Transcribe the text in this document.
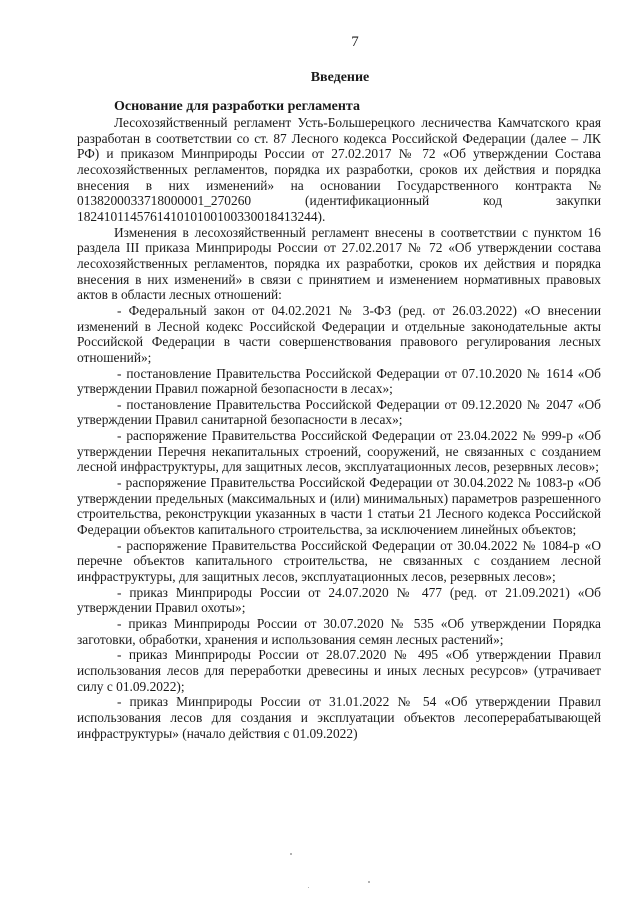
7
Введение
Основание для разработки регламента

Лесохозяйственный регламент Усть-Большерецкого лесничества Камчатского края разработан в соответствии со ст. 87 Лесного кодекса Российской Федерации (далее – ЛК РФ) и приказом Минприроды России от 27.02.2017 № 72 «Об утверждении Состава лесохозяйственных регламентов, порядка их разработки, сроков их действия и порядка внесения в них изменений» на основании Государственного контракта № 0138200033718000001_270260 (идентификационный код закупки 182410114576141010100100330018413244).

Изменения в лесохозяйственный регламент внесены в соответствии с пунктом 16 раздела III приказа Минприроды России от 27.02.2017 № 72 «Об утверждении состава лесохозяйственных регламентов, порядка их разработки, сроков их действия и порядка внесения в них изменений» в связи с принятием и изменением нормативных правовых актов в области лесных отношений:

- Федеральный закон от 04.02.2021 № 3-ФЗ (ред. от 26.03.2022) «О внесении изменений в Лесной кодекс Российской Федерации и отдельные законодательные акты Российской Федерации в части совершенствования правового регулирования лесных отношений»;

- постановление Правительства Российской Федерации от 07.10.2020 № 1614 «Об утверждении Правил пожарной безопасности в лесах»;

- постановление Правительства Российской Федерации от 09.12.2020 № 2047 «Об утверждении Правил санитарной безопасности в лесах»;

- распоряжение Правительства Российской Федерации от 23.04.2022 № 999-р «Об утверждении Перечня некапитальных строений, сооружений, не связанных с созданием лесной инфраструктуры, для защитных лесов, эксплуатационных лесов, резервных лесов»;

- распоряжение Правительства Российской Федерации от 30.04.2022 № 1083-р «Об утверждении предельных (максимальных и (или) минимальных) параметров разрешенного строительства, реконструкции указанных в части 1 статьи 21 Лесного кодекса Российской Федерации объектов капитального строительства, за исключением линейных объектов;

- распоряжение Правительства Российской Федерации от 30.04.2022 № 1084-р «О перечне объектов капитального строительства, не связанных с созданием лесной инфраструктуры, для защитных лесов, эксплуатационных лесов, резервных лесов»;

- приказ Минприроды России от 24.07.2020 № 477 (ред. от 21.09.2021) «Об утверждении Правил охоты»;

- приказ Минприроды России от 30.07.2020 № 535 «Об утверждении Порядка заготовки, обработки, хранения и использования семян лесных растений»;

- приказ Минприроды России от 28.07.2020 № 495 «Об утверждении Правил использования лесов для переработки древесины и иных лесных ресурсов» (утрачивает силу с 01.09.2022);

- приказ Минприроды России от 31.01.2022 № 54 «Об утверждении Правил использования лесов для создания и эксплуатации объектов лесоперерабатывающей инфраструктуры» (начало действия с 01.09.2022)
